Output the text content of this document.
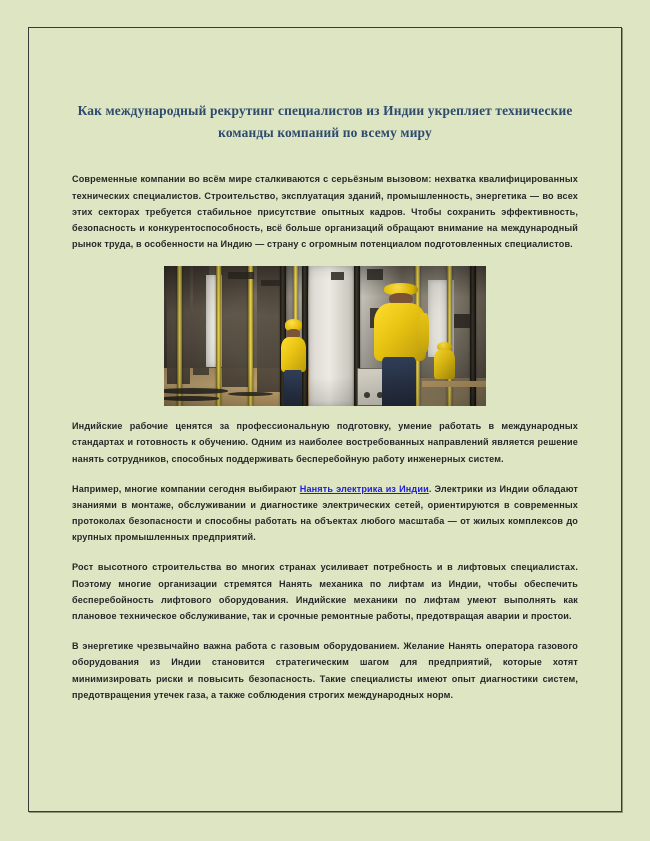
Как международный рекрутинг специалистов из Индии укрепляет технические команды компаний по всему миру

Современные компании во всём мире сталкиваются с серьёзным вызовом: нехватка квалифицированных технических специалистов. Строительство, эксплуатация зданий, промышленность, энергетика — во всех этих секторах требуется стабильное присутствие опытных кадров. Чтобы сохранить эффективность, безопасность и конкурентоспособность, всё больше организаций обращают внимание на международный рынок труда, в особенности на Индию — страну с огромным потенциалом подготовленных специалистов.

Индийские рабочие ценятся за профессиональную подготовку, умение работать в международных стандартах и готовность к обучению. Одним из наиболее востребованных направлений является решение нанять сотрудников, способных поддерживать бесперебойную работу инженерных систем.

Например, многие компании сегодня выбирают Нанять электрика из Индии. Электрики из Индии обладают знаниями в монтаже, обслуживании и диагностике электрических сетей, ориентируются в современных протоколах безопасности и способны работать на объектах любого масштаба — от жилых комплексов до крупных промышленных предприятий.

Рост высотного строительства во многих странах усиливает потребность и в лифтовых специалистах. Поэтому многие организации стремятся Нанять механика по лифтам из Индии, чтобы обеспечить бесперебойность лифтового оборудования. Индийские механики по лифтам умеют выполнять как плановое техническое обслуживание, так и срочные ремонтные работы, предотвращая аварии и простои.

В энергетике чрезвычайно важна работа с газовым оборудованием. Желание Нанять оператора газового оборудования из Индии становится стратегическим шагом для предприятий, которые хотят минимизировать риски и повысить безопасность. Такие специалисты имеют опыт диагностики систем, предотвращения утечек газа, а также соблюдения строгих международных норм.
